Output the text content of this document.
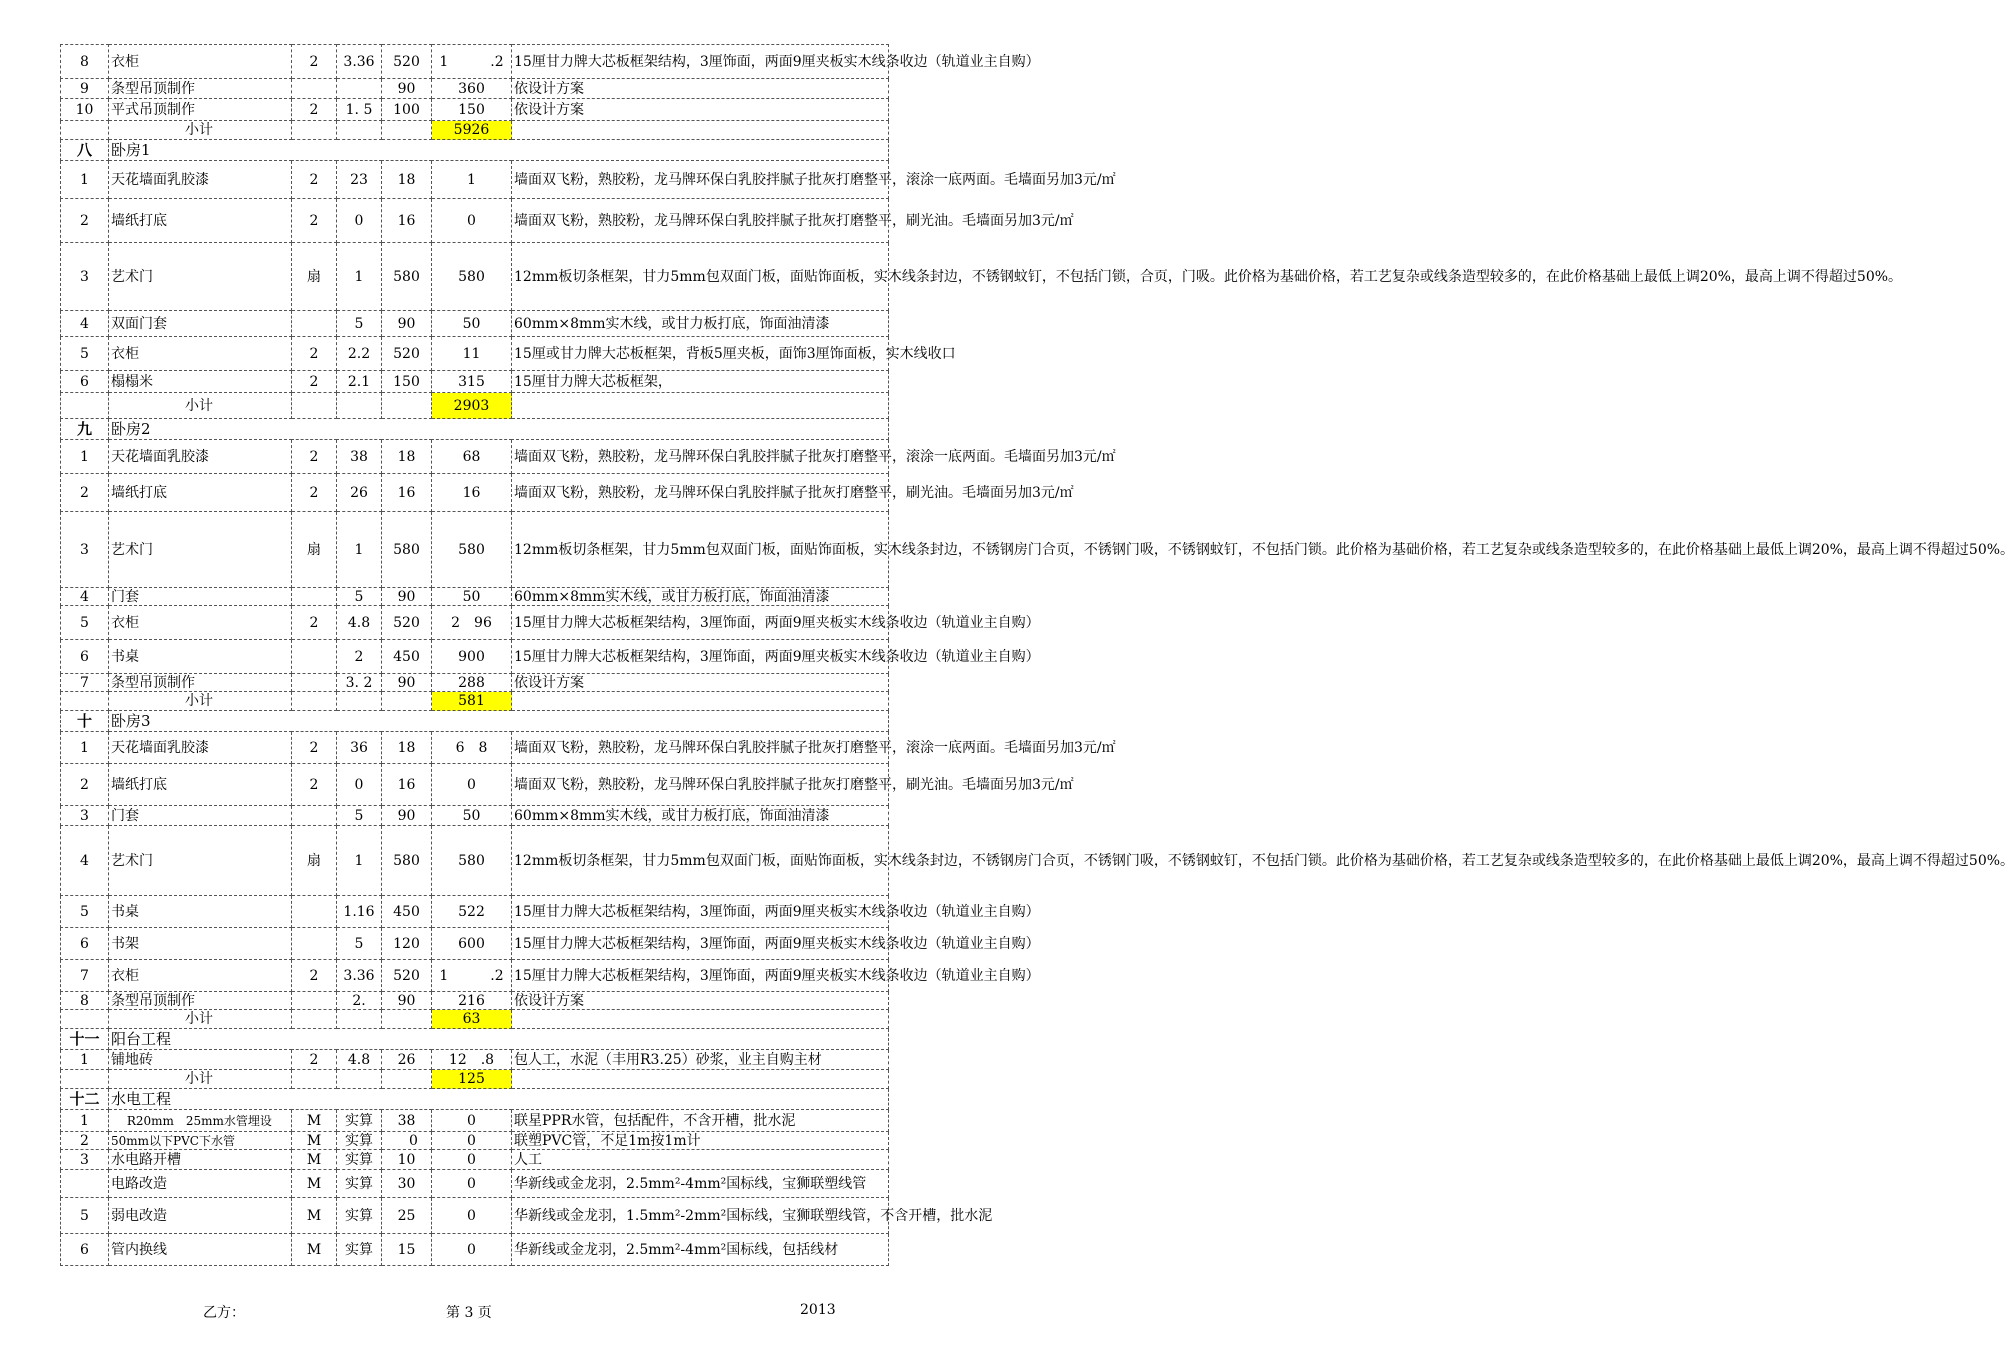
8	衣柜	2	3.36	520	1　　　.2	15厘甘力牌大芯板框架结构，3厘饰面，两面9厘夹板实木线条收边（轨道业主自购）
9	条型吊顶制作			90	360	依设计方案
10	平式吊顶制作	2	1. 5	100	150	依设计方案
	小计				5926	
八	卧房1					
1	天花墙面乳胶漆	2	23	18	1	墙面双飞粉，熟胶粉，龙马牌环保白乳胶拌腻子批灰打磨整平，滚涂一底两面。毛墙面另加3元/㎡
2	墙纸打底	2	0	16	0	墙面双飞粉，熟胶粉，龙马牌环保白乳胶拌腻子批灰打磨整平，刷光油。毛墙面另加3元/㎡
3	艺术门	扇	1	580	580	12mm板切条框架，甘力5mm包双面门板，面贴饰面板，实木线条封边，不锈钢蚊钉，不包括门锁，合页，门吸。此价格为基础价格，若工艺复杂或线条造型较多的，在此价格基础上最低上调20%，最高上调不得超过50%。
4	双面门套		5	90	50	60mm×8mm实木线，或甘力板打底，饰面油清漆
5	衣柜	2	2.2	520	11	15厘或甘力牌大芯板框架，背板5厘夹板，面饰3厘饰面板，实木线收口
6	榻榻米	2	2.1	150	315	15厘甘力牌大芯板框架，
	小计				2903	
九	卧房2					
1	天花墙面乳胶漆	2	38	18	68	墙面双飞粉，熟胶粉，龙马牌环保白乳胶拌腻子批灰打磨整平，滚涂一底两面。毛墙面另加3元/㎡
2	墙纸打底	2	26	16	16	墙面双飞粉，熟胶粉，龙马牌环保白乳胶拌腻子批灰打磨整平，刷光油。毛墙面另加3元/㎡
3	艺术门	扇	1	580	580	12mm板切条框架，甘力5mm包双面门板，面贴饰面板，实木线条封边，不锈钢房门合页，不锈钢门吸，不锈钢蚊钉，不包括门锁。此价格为基础价格，若工艺复杂或线条造型较多的，在此价格基础上最低上调20%，最高上调不得超过50%。
4	门套		5	90	50	60mm×8mm实木线，或甘力板打底，饰面油清漆
5	衣柜	2	4.8	520	2　96	15厘甘力牌大芯板框架结构，3厘饰面，两面9厘夹板实木线条收边（轨道业主自购）
6	书桌		2	450	900	15厘甘力牌大芯板框架结构，3厘饰面，两面9厘夹板实木线条收边（轨道业主自购）
7	条型吊顶制作		3. 2	90	288	依设计方案
	小计				581	
十	卧房3					
1	天花墙面乳胶漆	2	36	18	6　8	墙面双飞粉，熟胶粉，龙马牌环保白乳胶拌腻子批灰打磨整平，滚涂一底两面。毛墙面另加3元/㎡
2	墙纸打底	2	0	16	0	墙面双飞粉，熟胶粉，龙马牌环保白乳胶拌腻子批灰打磨整平，刷光油。毛墙面另加3元/㎡
3	门套		5	90	50	60mm×8mm实木线，或甘力板打底，饰面油清漆
4	艺术门	扇	1	580	580	12mm板切条框架，甘力5mm包双面门板，面贴饰面板，实木线条封边，不锈钢房门合页，不锈钢门吸，不锈钢蚊钉，不包括门锁。此价格为基础价格，若工艺复杂或线条造型较多的，在此价格基础上最低上调20%，最高上调不得超过50%。
5	书桌		1.16	450	522	15厘甘力牌大芯板框架结构，3厘饰面，两面9厘夹板实木线条收边（轨道业主自购）
6	书架		5	120	600	15厘甘力牌大芯板框架结构，3厘饰面，两面9厘夹板实木线条收边（轨道业主自购）
7	衣柜	2	3.36	520	1　　　.2	15厘甘力牌大芯板框架结构，3厘饰面，两面9厘夹板实木线条收边（轨道业主自购）
8	条型吊顶制作		2.	90	216	依设计方案
	小计				63	
十一	阳台工程					
1	铺地砖	2	4.8	26	12　.8	包人工，水泥（丰用R3.25）砂浆，业主自购主材
	小计				125	
十二	水电工程					
1	　 R20mm　25mm水管埋设	M	实算	38	0	联星PPR水管，包括配件，不含开槽，批水泥
2	50mm以下PVC下水管	M	实算	　0	0	联塑PVC管，不足1m按1m计
3	水电路开槽	M	实算	10	0	人工
	电路改造	M	实算	30	0	华新线或金龙羽，2.5mm²-4mm²国标线，宝狮联塑线管
5	弱电改造	M	实算	25	0	华新线或金龙羽，1.5mm²-2mm²国标线，宝狮联塑线管，不含开槽，批水泥
6	管内换线	M	实算	15	0	华新线或金龙羽，2.5mm²-4mm²国标线，包括线材
乙方：	第 3 页	2013
